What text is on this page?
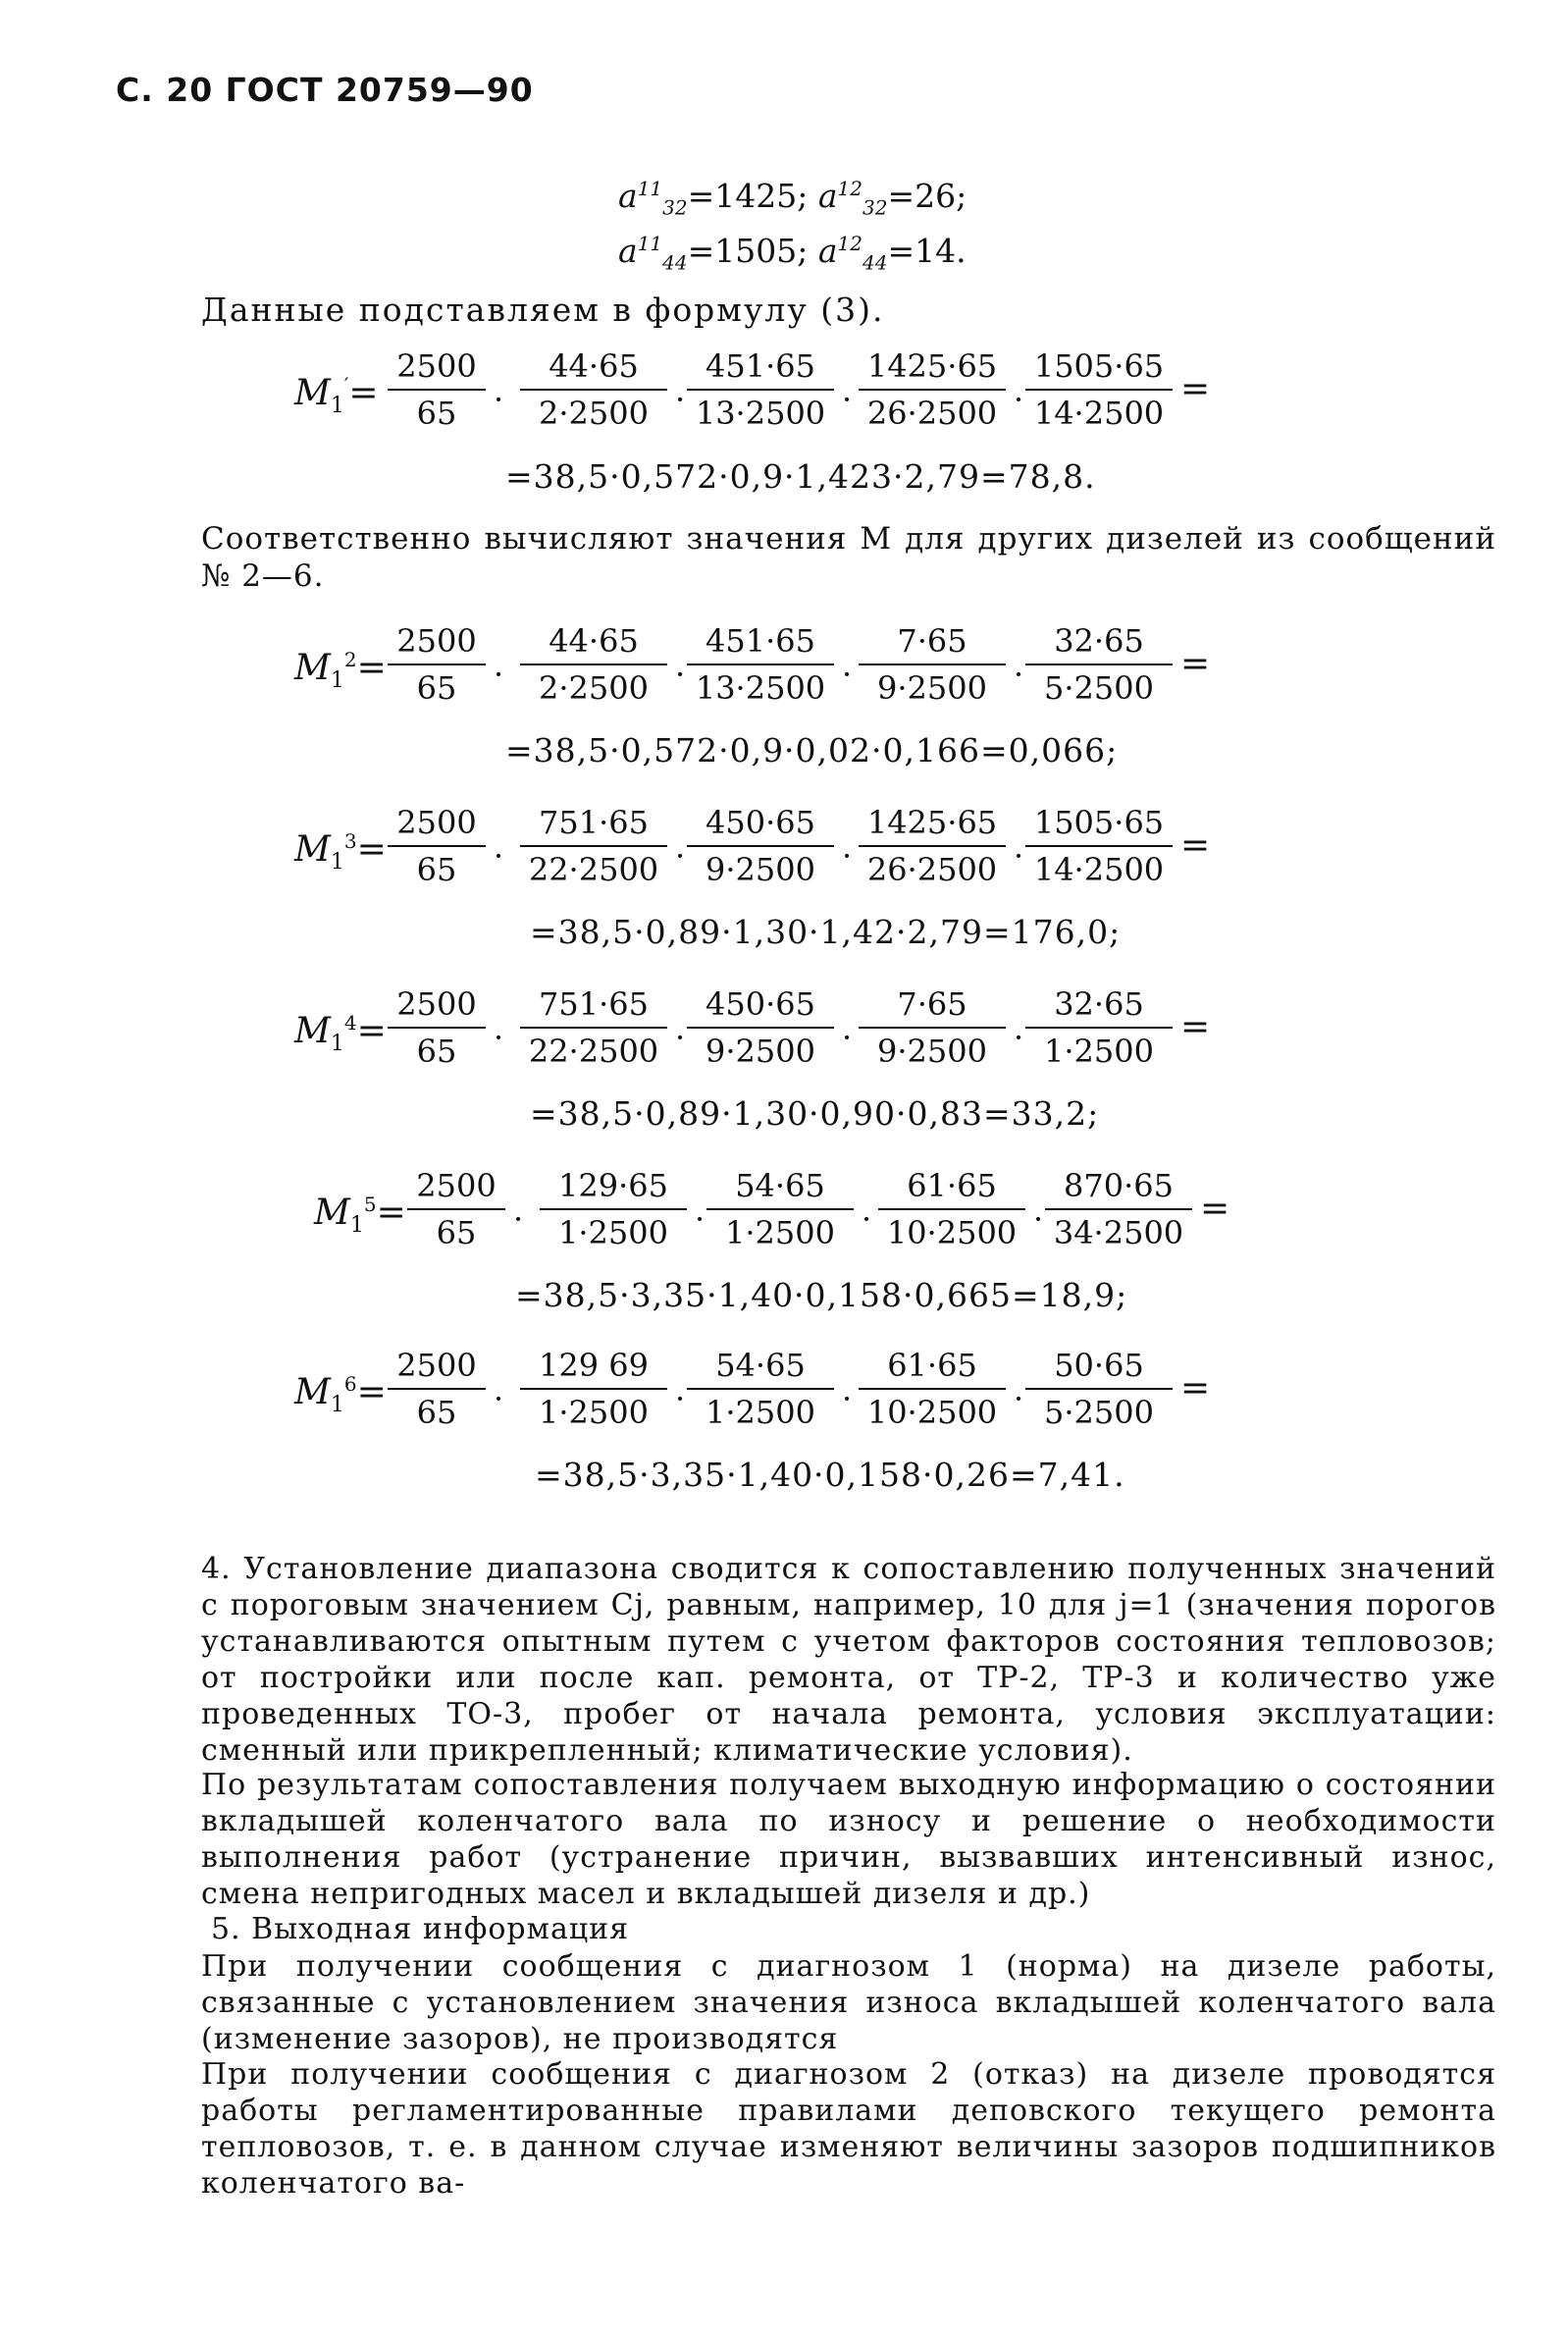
С. 20 ГОСТ 20759—90
$a^{11}_{32}=1425$; $a^{12}_{32}=26$;
$a^{11}_{44}=1505$; $a^{12}_{44}=14$.
Данные подставляем в формулу (3).
$M_1'=$
2500
65	·
44·65
2·2500 ·
451·65
13·2500 ·
1425·65
26·2500 ·
1505·65
14·2500
=
=38,5·0,572·0,9·1,423·2,79=78,8.
Соответственно вычисляют значения М для других дизелей из сообщений № 2—6.
$M_1^2=$
2500
65	·
44·65
2·2500 ·
451·65
13·2500 ·
7·65
9·2500 ·
32·65
5·2500
=
=38,5·0,572·0,9·0,02·0,166=0,066;
$M_1^3=$
2500
65	·
751·65
22·2500 ·
450·65
9·2500 ·
1425·65
26·2500 ·
1505·65
14·2500
=
=38,5·0,89·1,30·1,42·2,79=176,0;
$M_1^4=$
2500
65	·
751·65
22·2500 ·
450·65
9·2500 ·
7·65
9·2500 ·
32·65
1·2500
=
=38,5·0,89·1,30·0,90·0,83=33,2;
$M_1^5=$
2500
65	·
129·65
1·2500 ·
54·65
1·2500 ·
61·65
10·2500 ·
870·65
34·2500
=
=38,5·3,35·1,40·0,158·0,665=18,9;
$M_1^6=$
2500
65	·
129 69
1·2500 ·
54·65
1·2500 ·
61·65
10·2500 ·
50·65
5·2500
=
=38,5·3,35·1,40·0,158·0,26=7,41.
4. Установление диапазона сводится к сопоставлению полученных значений с пороговым значением Cj, равным, например, 10 для j=1 (значения порогов устанавливаются опытным путем с учетом факторов состояния тепловозов; от постройки или после кап. ремонта, от ТР-2, ТР-3 и количество уже проведенных ТО-3, пробег от начала ремонта, условия эксплуатации: сменный или прикрепленный; климатические условия).
По результатам сопоставления получаем выходную информацию о состоянии вкладышей коленчатого вала по износу и решение о необходимости выполнения работ (устранение причин, вызвавших интенсивный износ, смена непригодных масел и вкладышей дизеля и др.)
5. Выходная информация
При получении сообщения с диагнозом 1 (норма) на дизеле работы, связанные с установлением значения износа вкладышей коленчатого вала (изменение зазоров), не производятся
При получении сообщения с диагнозом 2 (отказ) на дизеле проводятся работы регламентированные правилами деповского текущего ремонта тепловозов, т. е. в данном случае изменяют величины зазоров подшипников коленчатого ва-
